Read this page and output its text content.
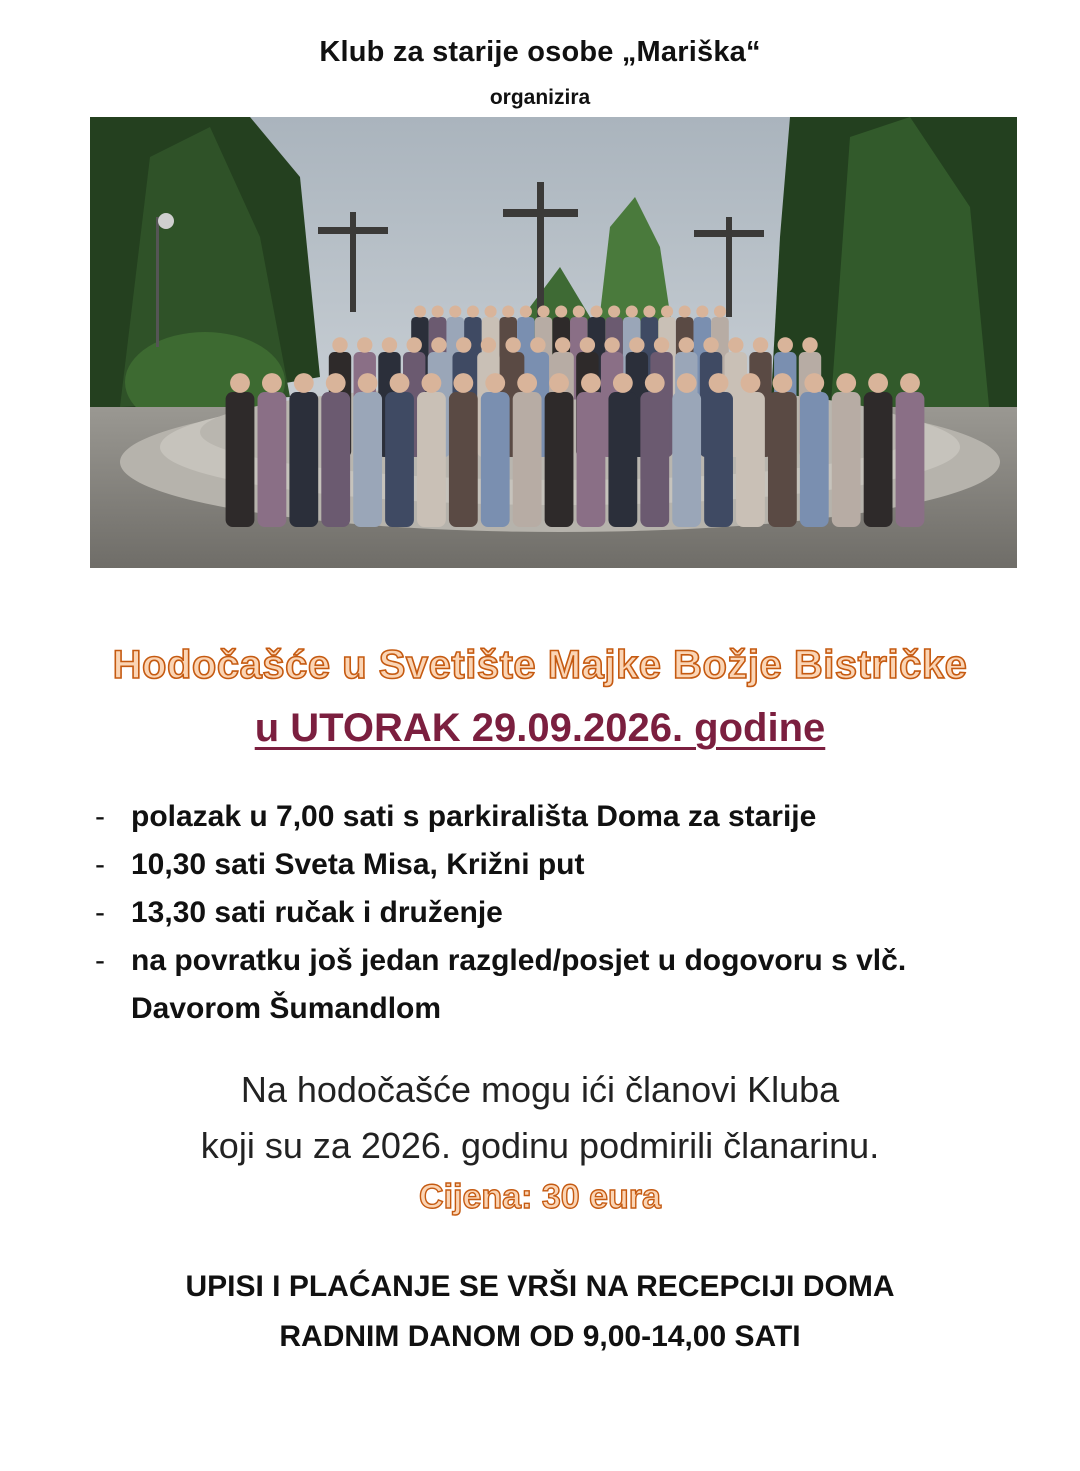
Klub za starije osobe „Mariška“
organizira
Hodočašće u Svetište Majke Božje Bistričke
u UTORAK 29.09.2026. godine
- polazak u 7,00 sati s parkirališta Doma za starije
- 10,30 sati Sveta Misa, Križni put
- 13,30 sati ručak i druženje
- na povratku još jedan razgled/posjet u dogovoru s vlč.
Davorom Šumandlom
Na hodočašće mogu ići članovi Kluba
koji su za 2026. godinu podmirili članarinu.
Cijena: 30 eura
UPISI I PLAĆANJE SE VRŠI NA RECEPCIJI DOMA
RADNIM DANOM OD 9,00-14,00 SATI
